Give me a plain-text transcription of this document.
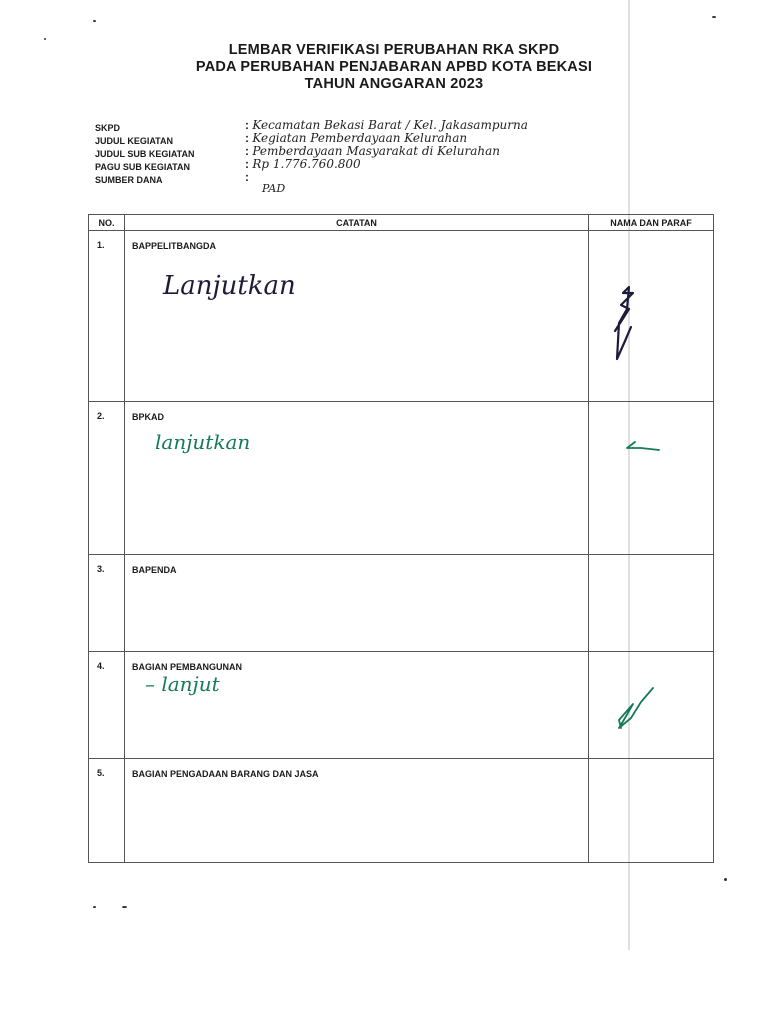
LEMBAR VERIFIKASI PERUBAHAN RKA SKPD
PADA PERUBAHAN PENJABARAN APBD KOTA BEKASI
TAHUN ANGGARAN 2023
SKPD	: Kecamatan Bekasi Barat / Kel. Jakasampurna
JUDUL KEGIATAN	: Kegiatan Pemberdayaan Kelurahan
JUDUL SUB KEGIATAN	: Pemberdayaan Masyarakat di Kelurahan
PAGU SUB KEGIATAN	: Rp 1.776.760.800
SUMBER DANA
:
PAD
NO.	CATATAN	NAMA DAN PARAF
1.	BAPPELITBANGDA
Lanjutkan

2.	BPKAD
lanjutkan

3.	BAPENDA	

4.	BAGIAN PEMBANGUNAN
– lanjut

5.	BAGIAN PENGADAAN BARANG DAN JASA	
